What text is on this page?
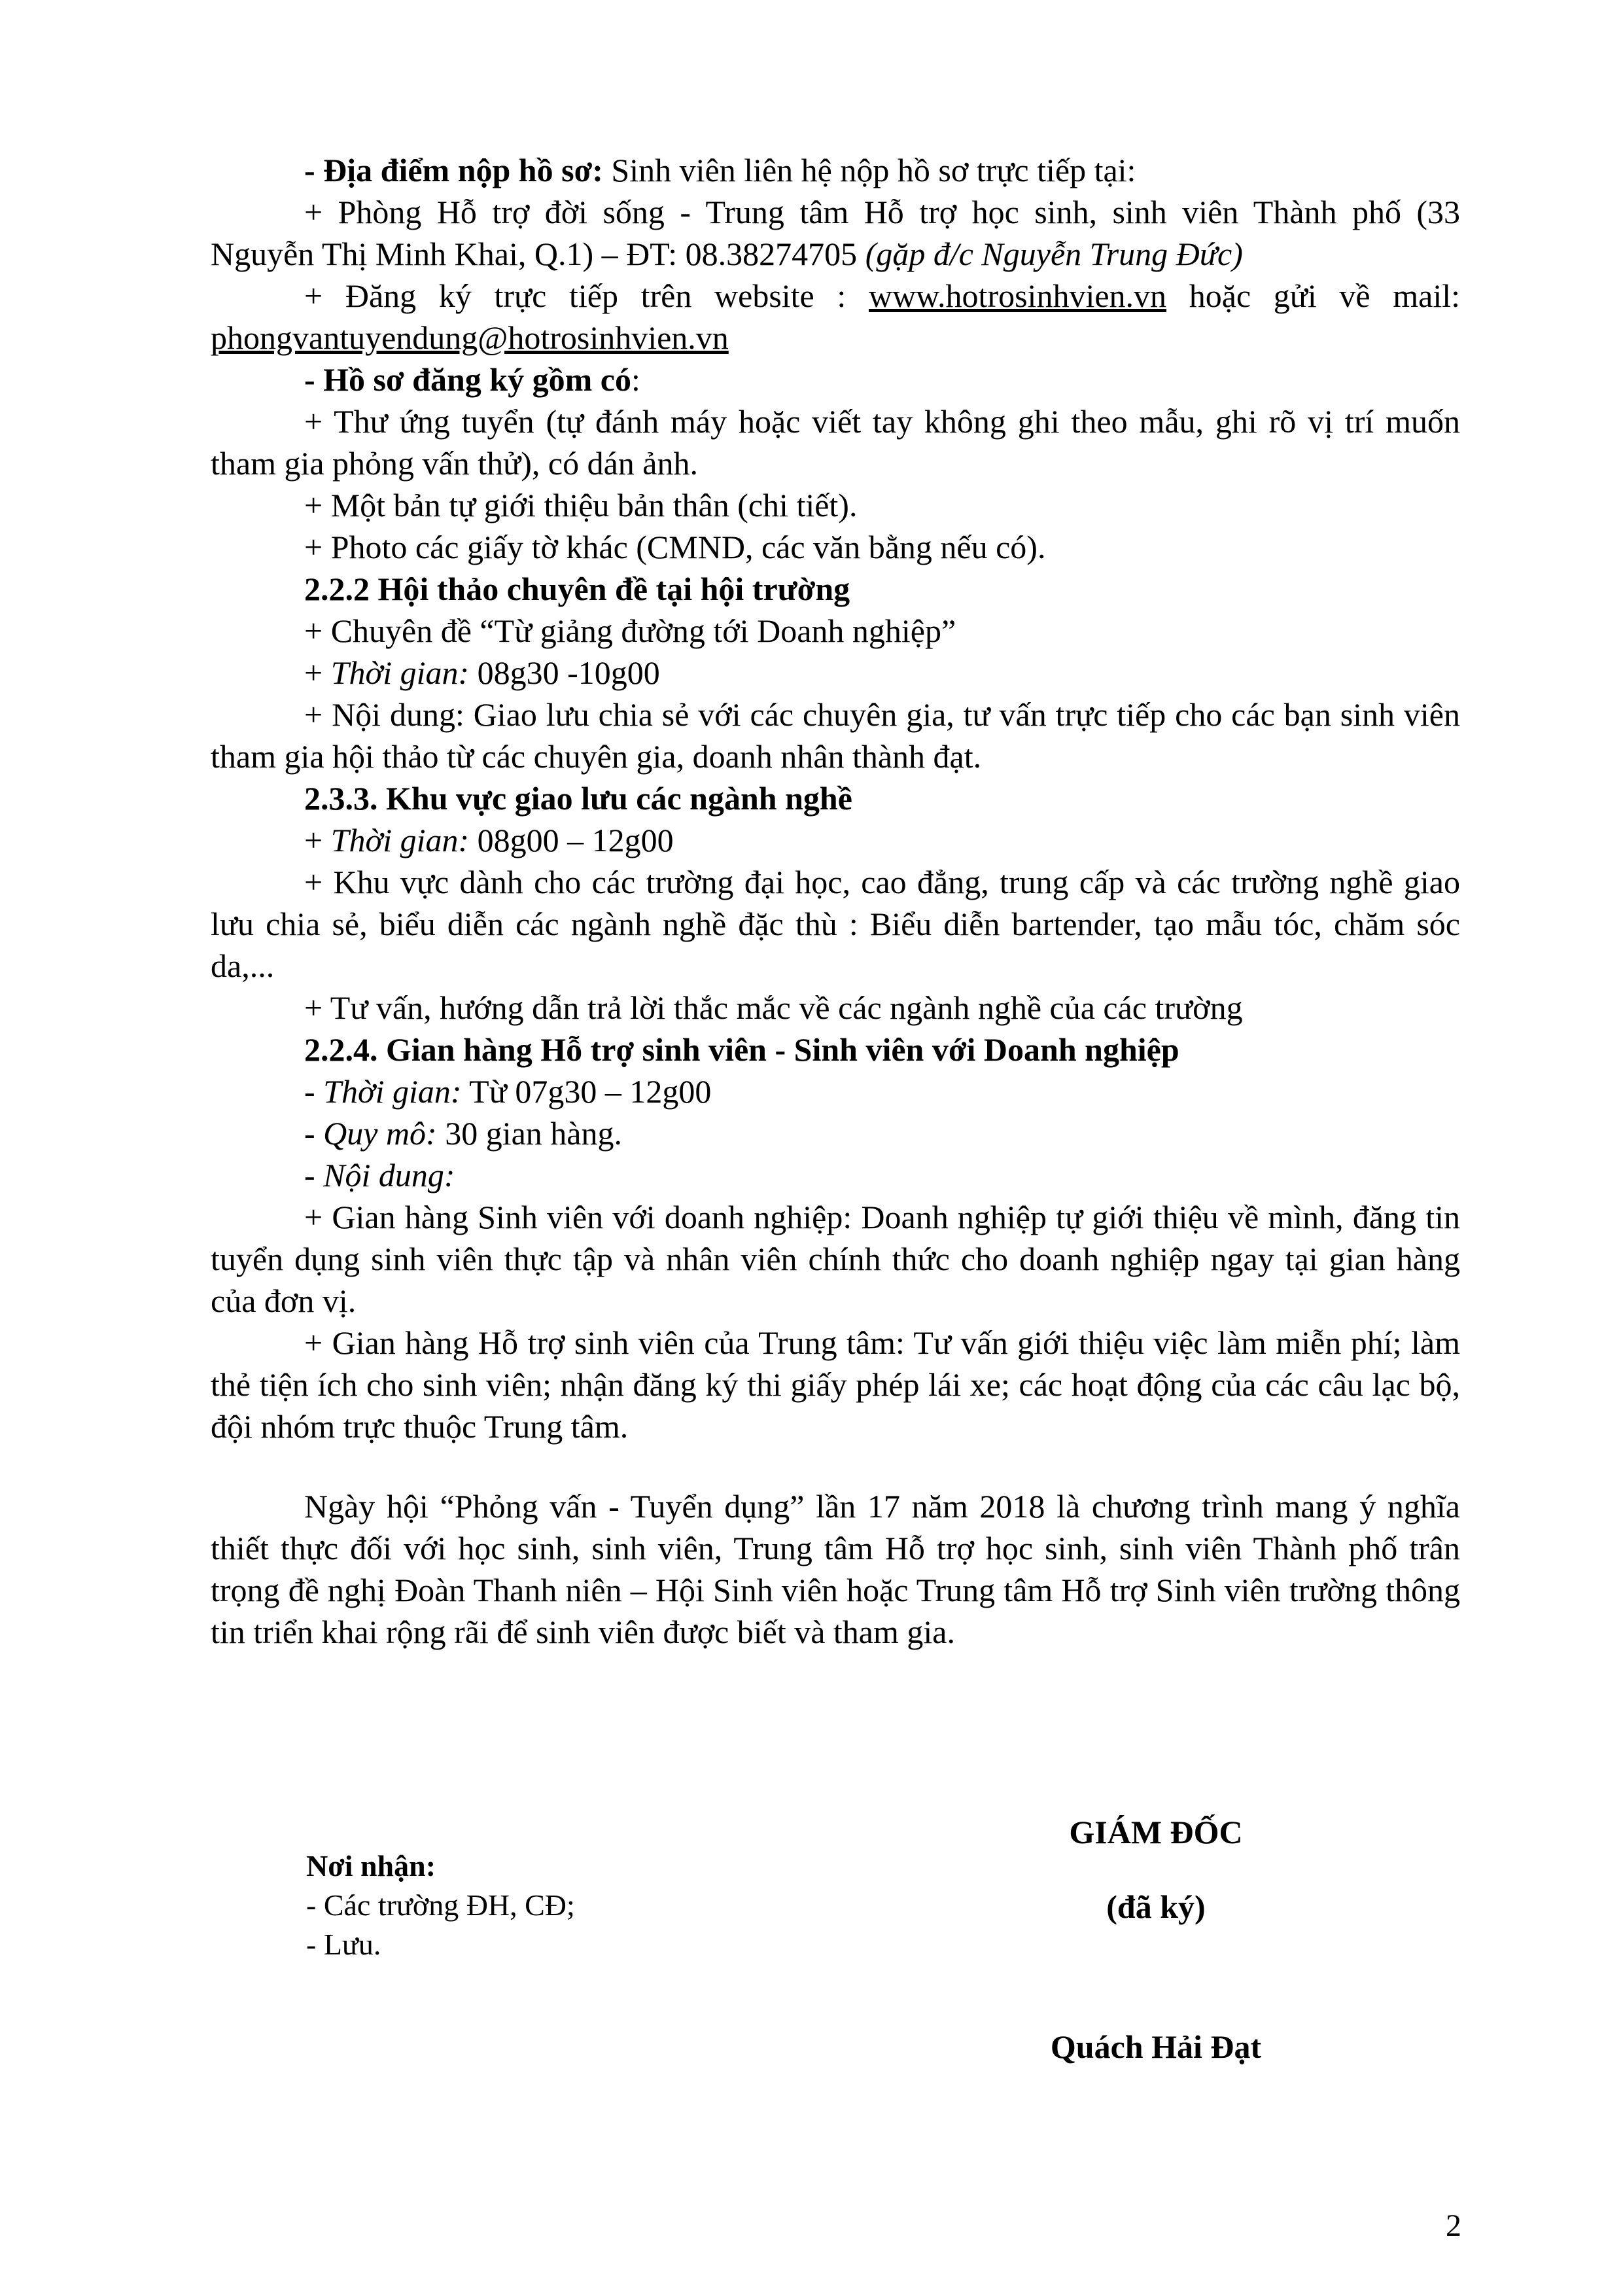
- Địa điểm nộp hồ sơ: Sinh viên liên hệ nộp hồ sơ trực tiếp tại:

+ Phòng Hỗ trợ đời sống - Trung tâm Hỗ trợ học sinh, sinh viên Thành phố (33

Nguyễn Thị Minh Khai, Q.1) – ĐT: 08.38274705 (gặp đ/c Nguyễn Trung Đức)

+ Đăng ký trực tiếp trên website : www.hotrosinhvien.vn hoặc gửi về mail:

phongvantuyendung@hotrosinhvien.vn

- Hồ sơ đăng ký gồm có:

+ Thư ứng tuyển (tự đánh máy hoặc viết tay không ghi theo mẫu, ghi rõ vị trí muốn tham gia phỏng vấn thử), có dán ảnh.

+ Một bản tự giới thiệu bản thân (chi tiết).

+ Photo các giấy tờ khác (CMND, các văn bằng nếu có).

2.2.2 Hội thảo chuyên đề tại hội trường

+ Chuyên đề “Từ giảng đường tới Doanh nghiệp”

+ Thời gian: 08g30 -10g00

+ Nội dung: Giao lưu chia sẻ với các chuyên gia, tư vấn trực tiếp cho các bạn sinh viên tham gia hội thảo từ các chuyên gia, doanh nhân thành đạt.

2.3.3. Khu vực giao lưu các ngành nghề

+ Thời gian: 08g00 – 12g00

+ Khu vực dành cho các trường đại học, cao đẳng, trung cấp và các trường nghề giao lưu chia sẻ, biểu diễn các ngành nghề đặc thù : Biểu diễn bartender, tạo mẫu tóc, chăm sóc da,...

+ Tư vấn, hướng dẫn trả lời thắc mắc về các ngành nghề của các trường

2.2.4. Gian hàng Hỗ trợ sinh viên - Sinh viên với Doanh nghiệp

- Thời gian: Từ 07g30 – 12g00

- Quy mô: 30 gian hàng.

- Nội dung:

+ Gian hàng Sinh viên với doanh nghiệp: Doanh nghiệp tự giới thiệu về mình, đăng tin tuyển dụng sinh viên thực tập và nhân viên chính thức cho doanh nghiệp ngay tại gian hàng của đơn vị.

+ Gian hàng Hỗ trợ sinh viên của Trung tâm: Tư vấn giới thiệu việc làm miễn phí; làm thẻ tiện ích cho sinh viên; nhận đăng ký thi giấy phép lái xe; các hoạt động của các câu lạc bộ, đội nhóm trực thuộc Trung tâm.

Ngày hội “Phỏng vấn - Tuyển dụng” lần 17 năm 2018 là chương trình mang ý nghĩa thiết thực đối với học sinh, sinh viên, Trung tâm Hỗ trợ học sinh, sinh viên Thành phố trân trọng đề nghị Đoàn Thanh niên – Hội Sinh viên hoặc Trung tâm Hỗ trợ Sinh viên trường thông tin triển khai rộng rãi để sinh viên được biết và tham gia.

Nơi nhận:
- Các trường ĐH, CĐ;
- Lưu.
GIÁM ĐỐC
(đã ký)
Quách Hải Đạt
2
